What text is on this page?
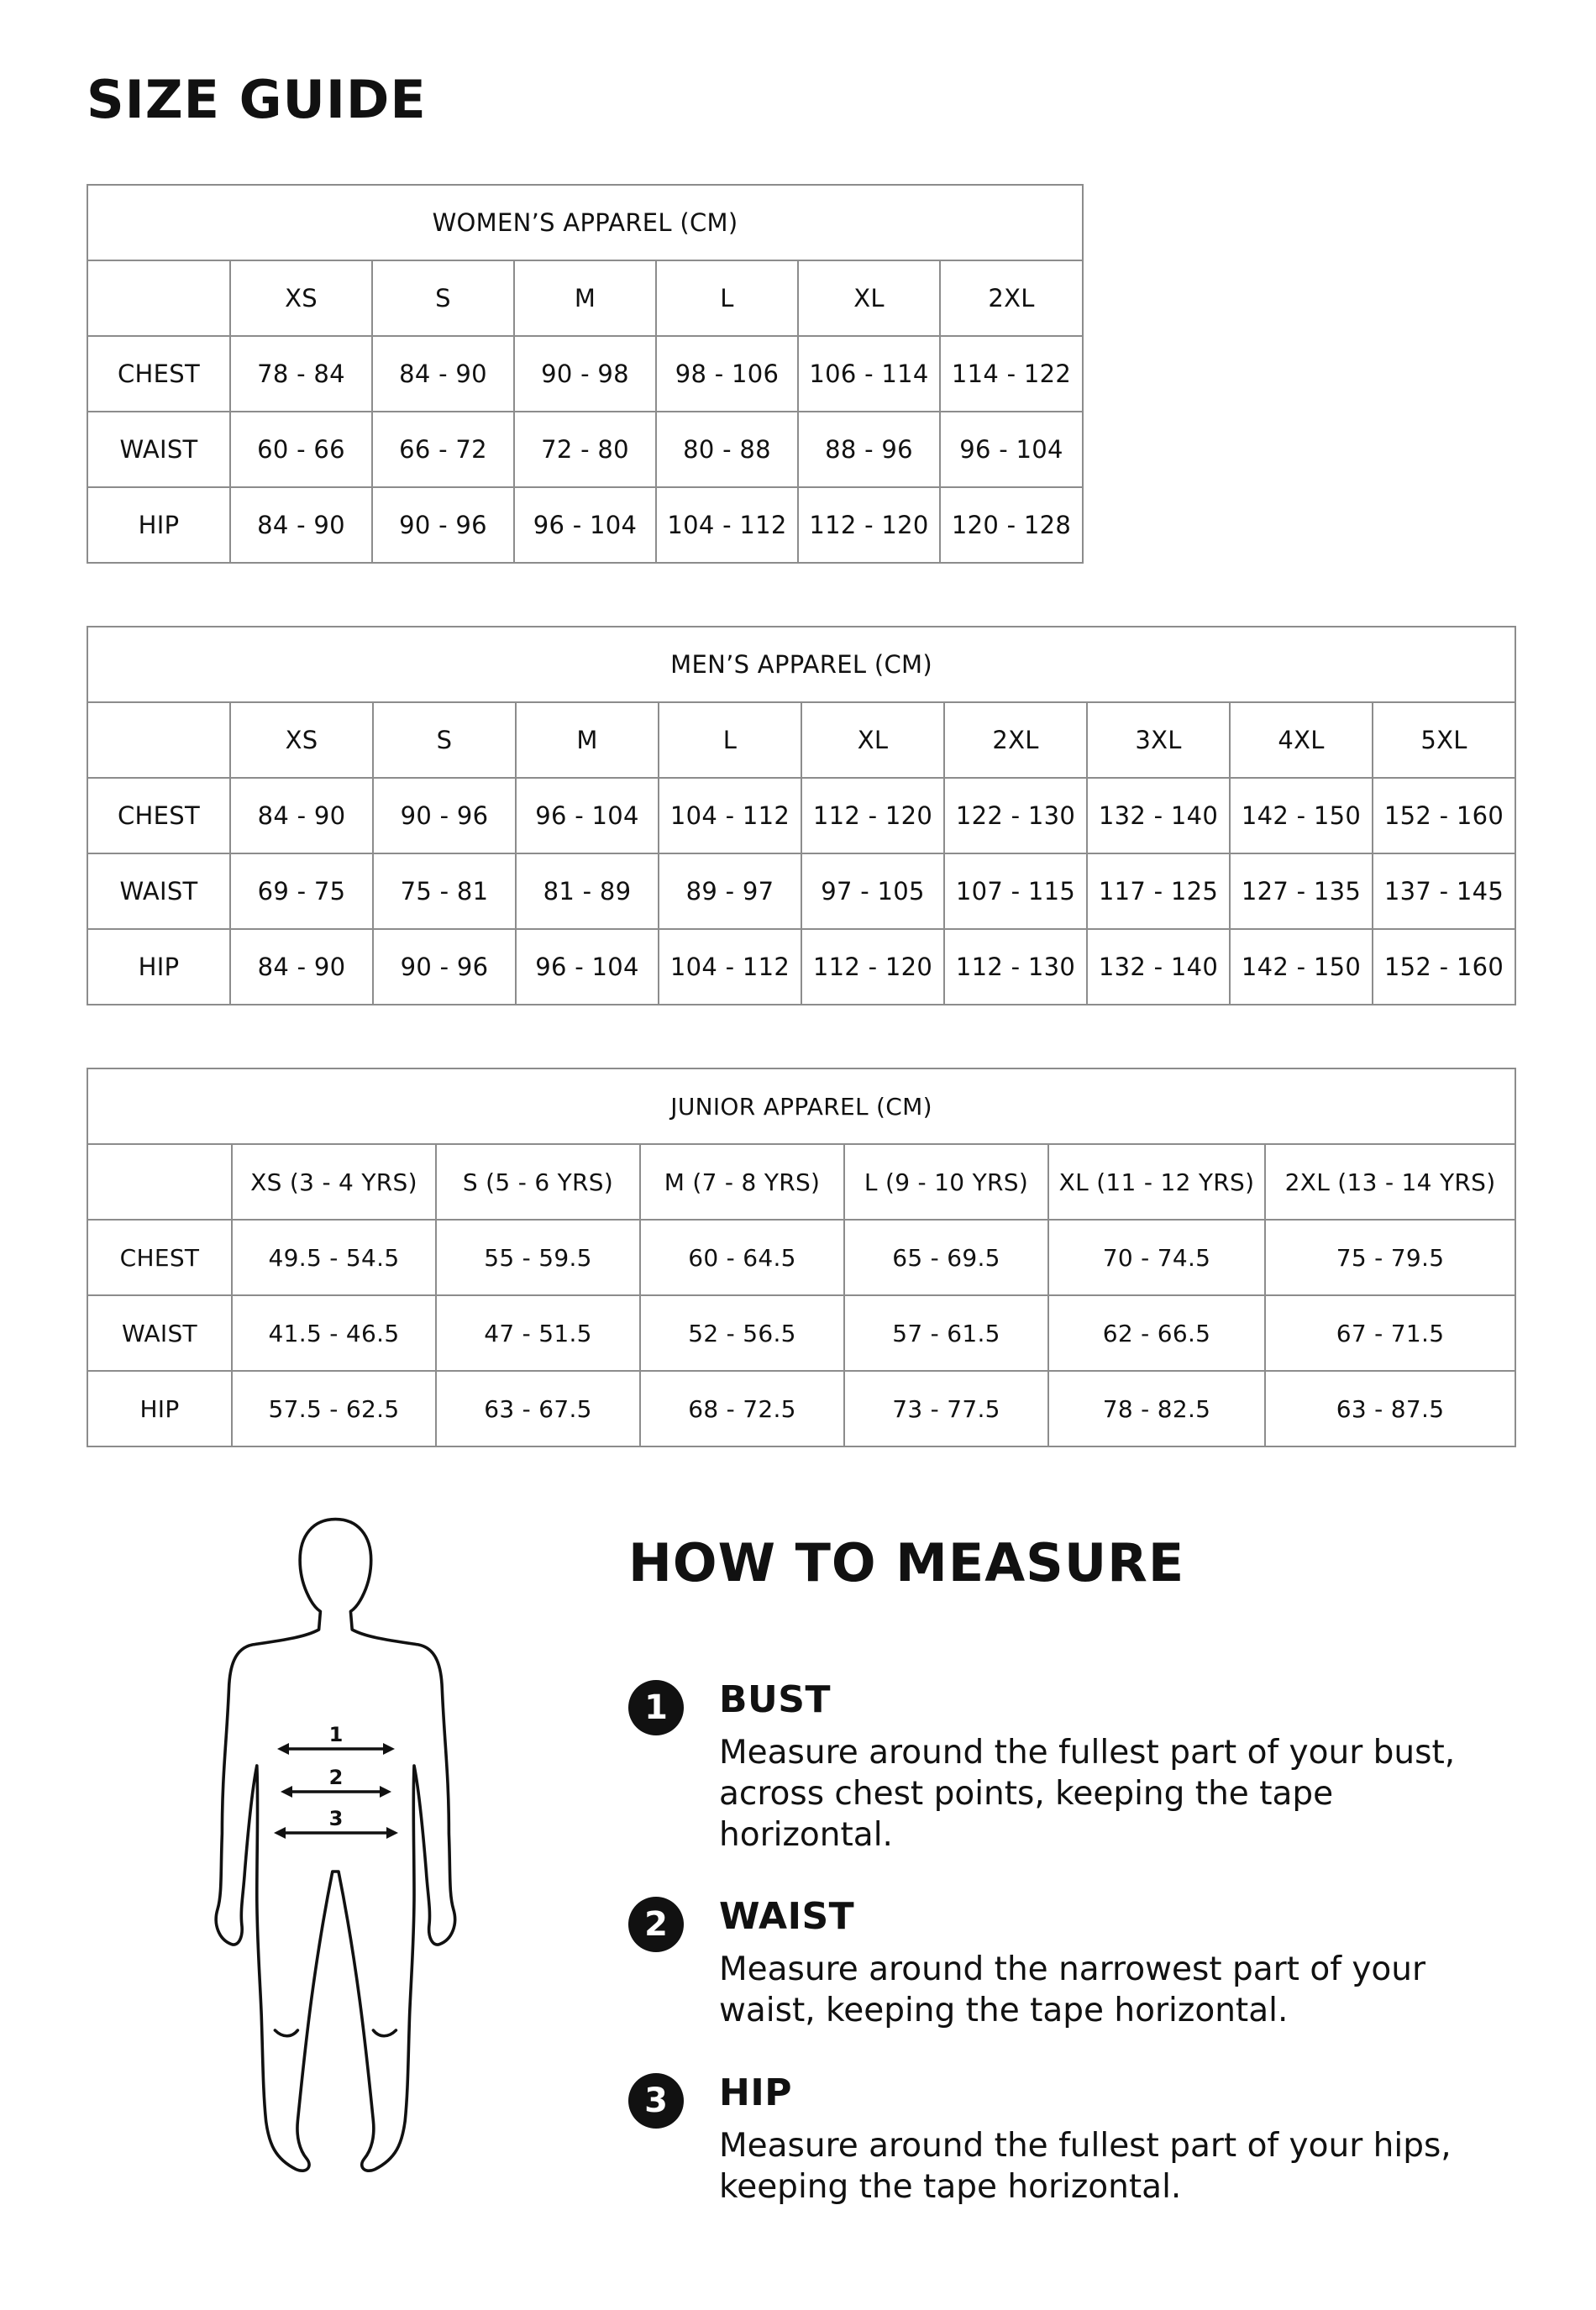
SIZE GUIDE
WOMEN’S APPAREL (CM)						
	XS	S	M	L	XL	2XL
CHEST	78 - 84	84 - 90	90 - 98	98 - 106	106 - 114	114 - 122
WAIST	60 - 66	66 - 72	72 - 80	80 - 88	88 - 96	96 - 104
HIP	84 - 90	90 - 96	96 - 104	104 - 112	112 - 120	120 - 128
MEN’S APPAREL (CM)									
	XS	S	M	L	XL	2XL	3XL	4XL	5XL
CHEST	84 - 90	90 - 96	96 - 104	104 - 112	112 - 120	122 - 130	132 - 140	142 - 150	152 - 160
WAIST	69 - 75	75 - 81	81 - 89	89 - 97	97 - 105	107 - 115	117 - 125	127 - 135	137 - 145
HIP	84 - 90	90 - 96	96 - 104	104 - 112	112 - 120	112 - 130	132 - 140	142 - 150	152 - 160
JUNIOR APPAREL (CM)						
	XS (3 - 4 YRS)	S (5 - 6 YRS)	M (7 - 8 YRS)	L (9 - 10 YRS)	XL (11 - 12 YRS)	2XL (13 - 14 YRS)
CHEST	49.5 - 54.5	55 - 59.5	60 - 64.5	65 - 69.5	70 - 74.5	75 - 79.5
WAIST	41.5 - 46.5	47 - 51.5	52 - 56.5	57 - 61.5	62 - 66.5	67 - 71.5
HIP	57.5 - 62.5	63 - 67.5	68 - 72.5	73 - 77.5	78 - 82.5	63 - 87.5
1
2
3
HOW TO MEASURE
1	BUST

Measure around the fullest part of your bust, across chest points, keeping the tape horizontal.

2	WAIST

Measure around the narrowest part of your waist, keeping the tape horizontal.

3	HIP

Measure around the fullest part of your hips, keeping the tape horizontal.
